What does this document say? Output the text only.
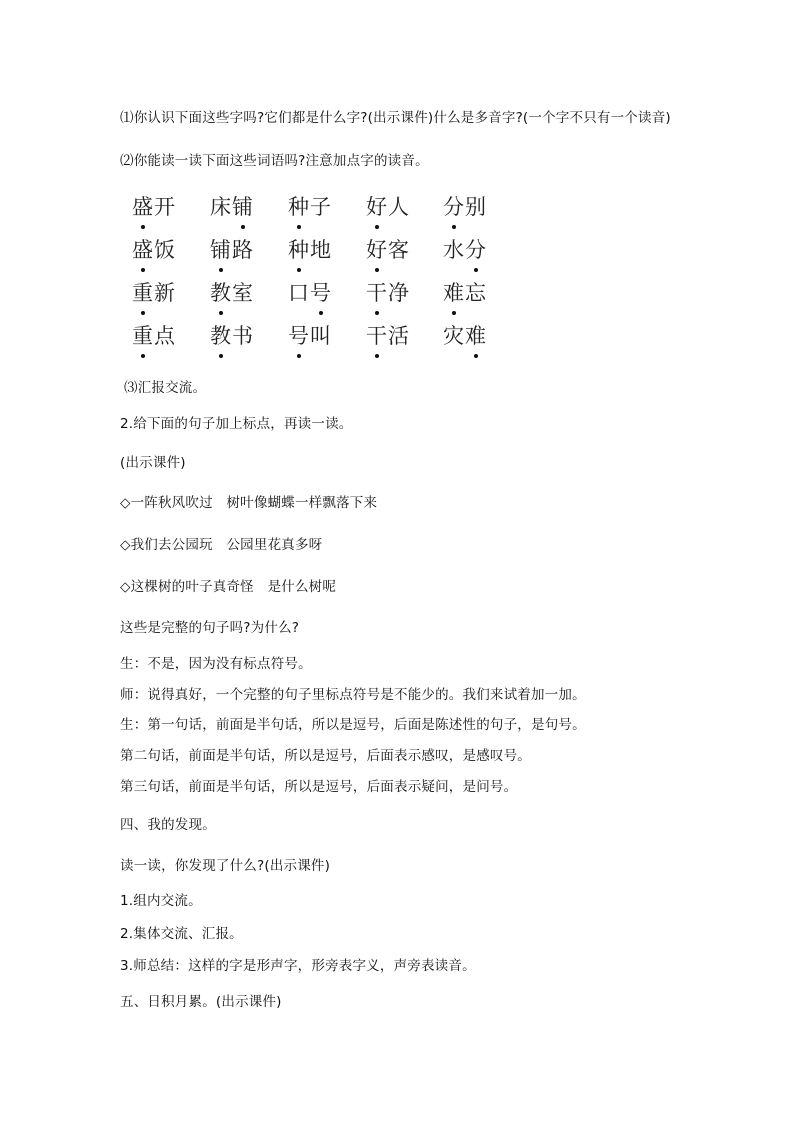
⑴你认识下面这些字吗?它们都是什么字?(出示课件)什么是多音字?(一个字不只有一个读音)
⑵你能读一读下面这些词语吗?注意加点字的读音。
盛开 床铺 种子 好人 分别
盛饭 铺路 种地 好客 水分
重新 教室 口号 干净 难忘
重点 教书 号叫 干活 灾难
⑶汇报交流。
2.给下面的句子加上标点，再读一读。
(出示课件)
◇一阵秋风吹过　树叶像蝴蝶一样飘落下来
◇我们去公园玩　公园里花真多呀
◇这棵树的叶子真奇怪　是什么树呢
这些是完整的句子吗?为什么?
生：不是，因为没有标点符号。
师：说得真好，一个完整的句子里标点符号是不能少的。我们来试着加一加。
生：第一句话，前面是半句话，所以是逗号，后面是陈述性的句子，是句号。
第二句话，前面是半句话，所以是逗号，后面表示感叹，是感叹号。
第三句话，前面是半句话，所以是逗号，后面表示疑问，是问号。
四、我的发现。
读一读，你发现了什么?(出示课件)
1.组内交流。
2.集体交流、汇报。
3.师总结：这样的字是形声字，形旁表字义，声旁表读音。
五、日积月累。(出示课件)
